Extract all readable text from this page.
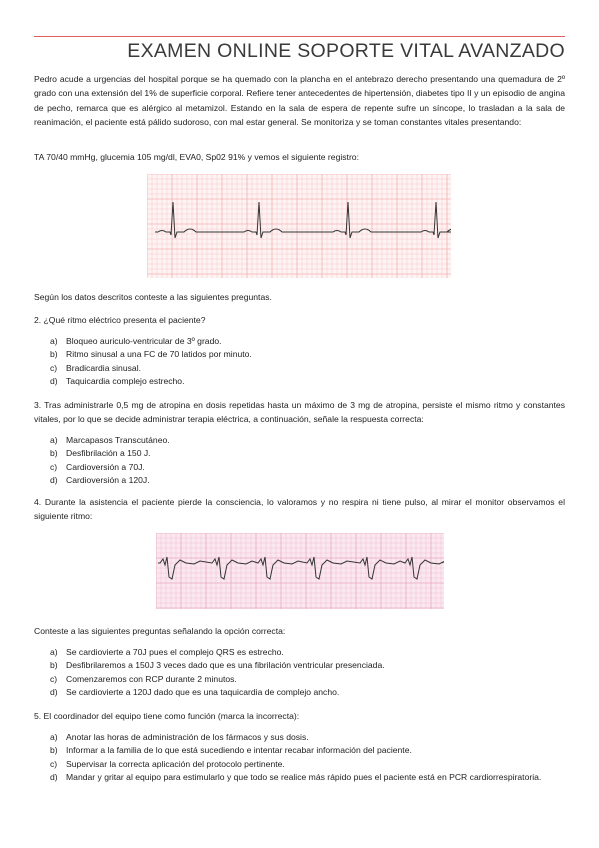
EXAMEN ONLINE SOPORTE VITAL AVANZADO

Pedro acude a urgencias del hospital porque se ha quemado con la plancha en el antebrazo derecho presentando una quemadura de 2º grado con una extensión del 1% de superficie corporal. Refiere tener antecedentes de hipertensión, diabetes tipo II y un episodio de angina de pecho, remarca que es alérgico al metamizol. Estando en la sala de espera de repente sufre un síncope, lo trasladan a la sala de reanimación, el paciente está pálido sudoroso, con mal estar general. Se monitoriza y se toman constantes vitales presentando:

TA 70/40 mmHg, glucemia 105 mg/dl, EVA0, Sp02 91% y vemos el siguiente registro:

Según los datos descritos conteste a las siguientes preguntas.

2. ¿Qué ritmo eléctrico presenta el paciente?

a) Bloqueo auriculo-ventricular de 3º grado.
b) Ritmo sinusal a una FC de 70 latidos por minuto.
c)	Bradicardia sinusal.
d) Taquicardia complejo estrecho.

3. Tras administrarle 0,5 mg de atropina en dosis repetidas hasta un máximo de 3 mg de atropina, persiste el mismo ritmo y constantes vitales, por lo que se decide administrar terapia eléctrica, a continuación, señale la respuesta correcta:

a) Marcapasos Transcutáneo.
b) Desfibrilación a 150 J.
c)	Cardioversión a 70J.
d) Cardioversión a 120J.

4. Durante la asistencia el paciente pierde la consciencia, lo valoramos y no respira ni tiene pulso, al mirar el monitor observamos el siguiente ritmo:

Conteste a las siguientes preguntas señalando la opción correcta:

a) Se cardiovierte a 70J pues el complejo QRS es estrecho.
b) Desfibrilaremos a 150J 3 veces dado que es una fibrilación ventricular presenciada.
c)	Comenzaremos con RCP durante 2 minutos.
d) Se cardiovierte a 120J dado que es una taquicardia de complejo ancho.

5. El coordinador del equipo tiene como función (marca la incorrecta):

a) Anotar las horas de administración de los fármacos y sus dosis.
b) Informar a la familia de lo que está sucediendo e intentar recabar información del paciente.
c)	Supervisar la correcta aplicación del protocolo pertinente.
d) Mandar y gritar al equipo para estimularlo y que todo se realice más rápido pues el paciente está en PCR cardiorrespiratoria.
